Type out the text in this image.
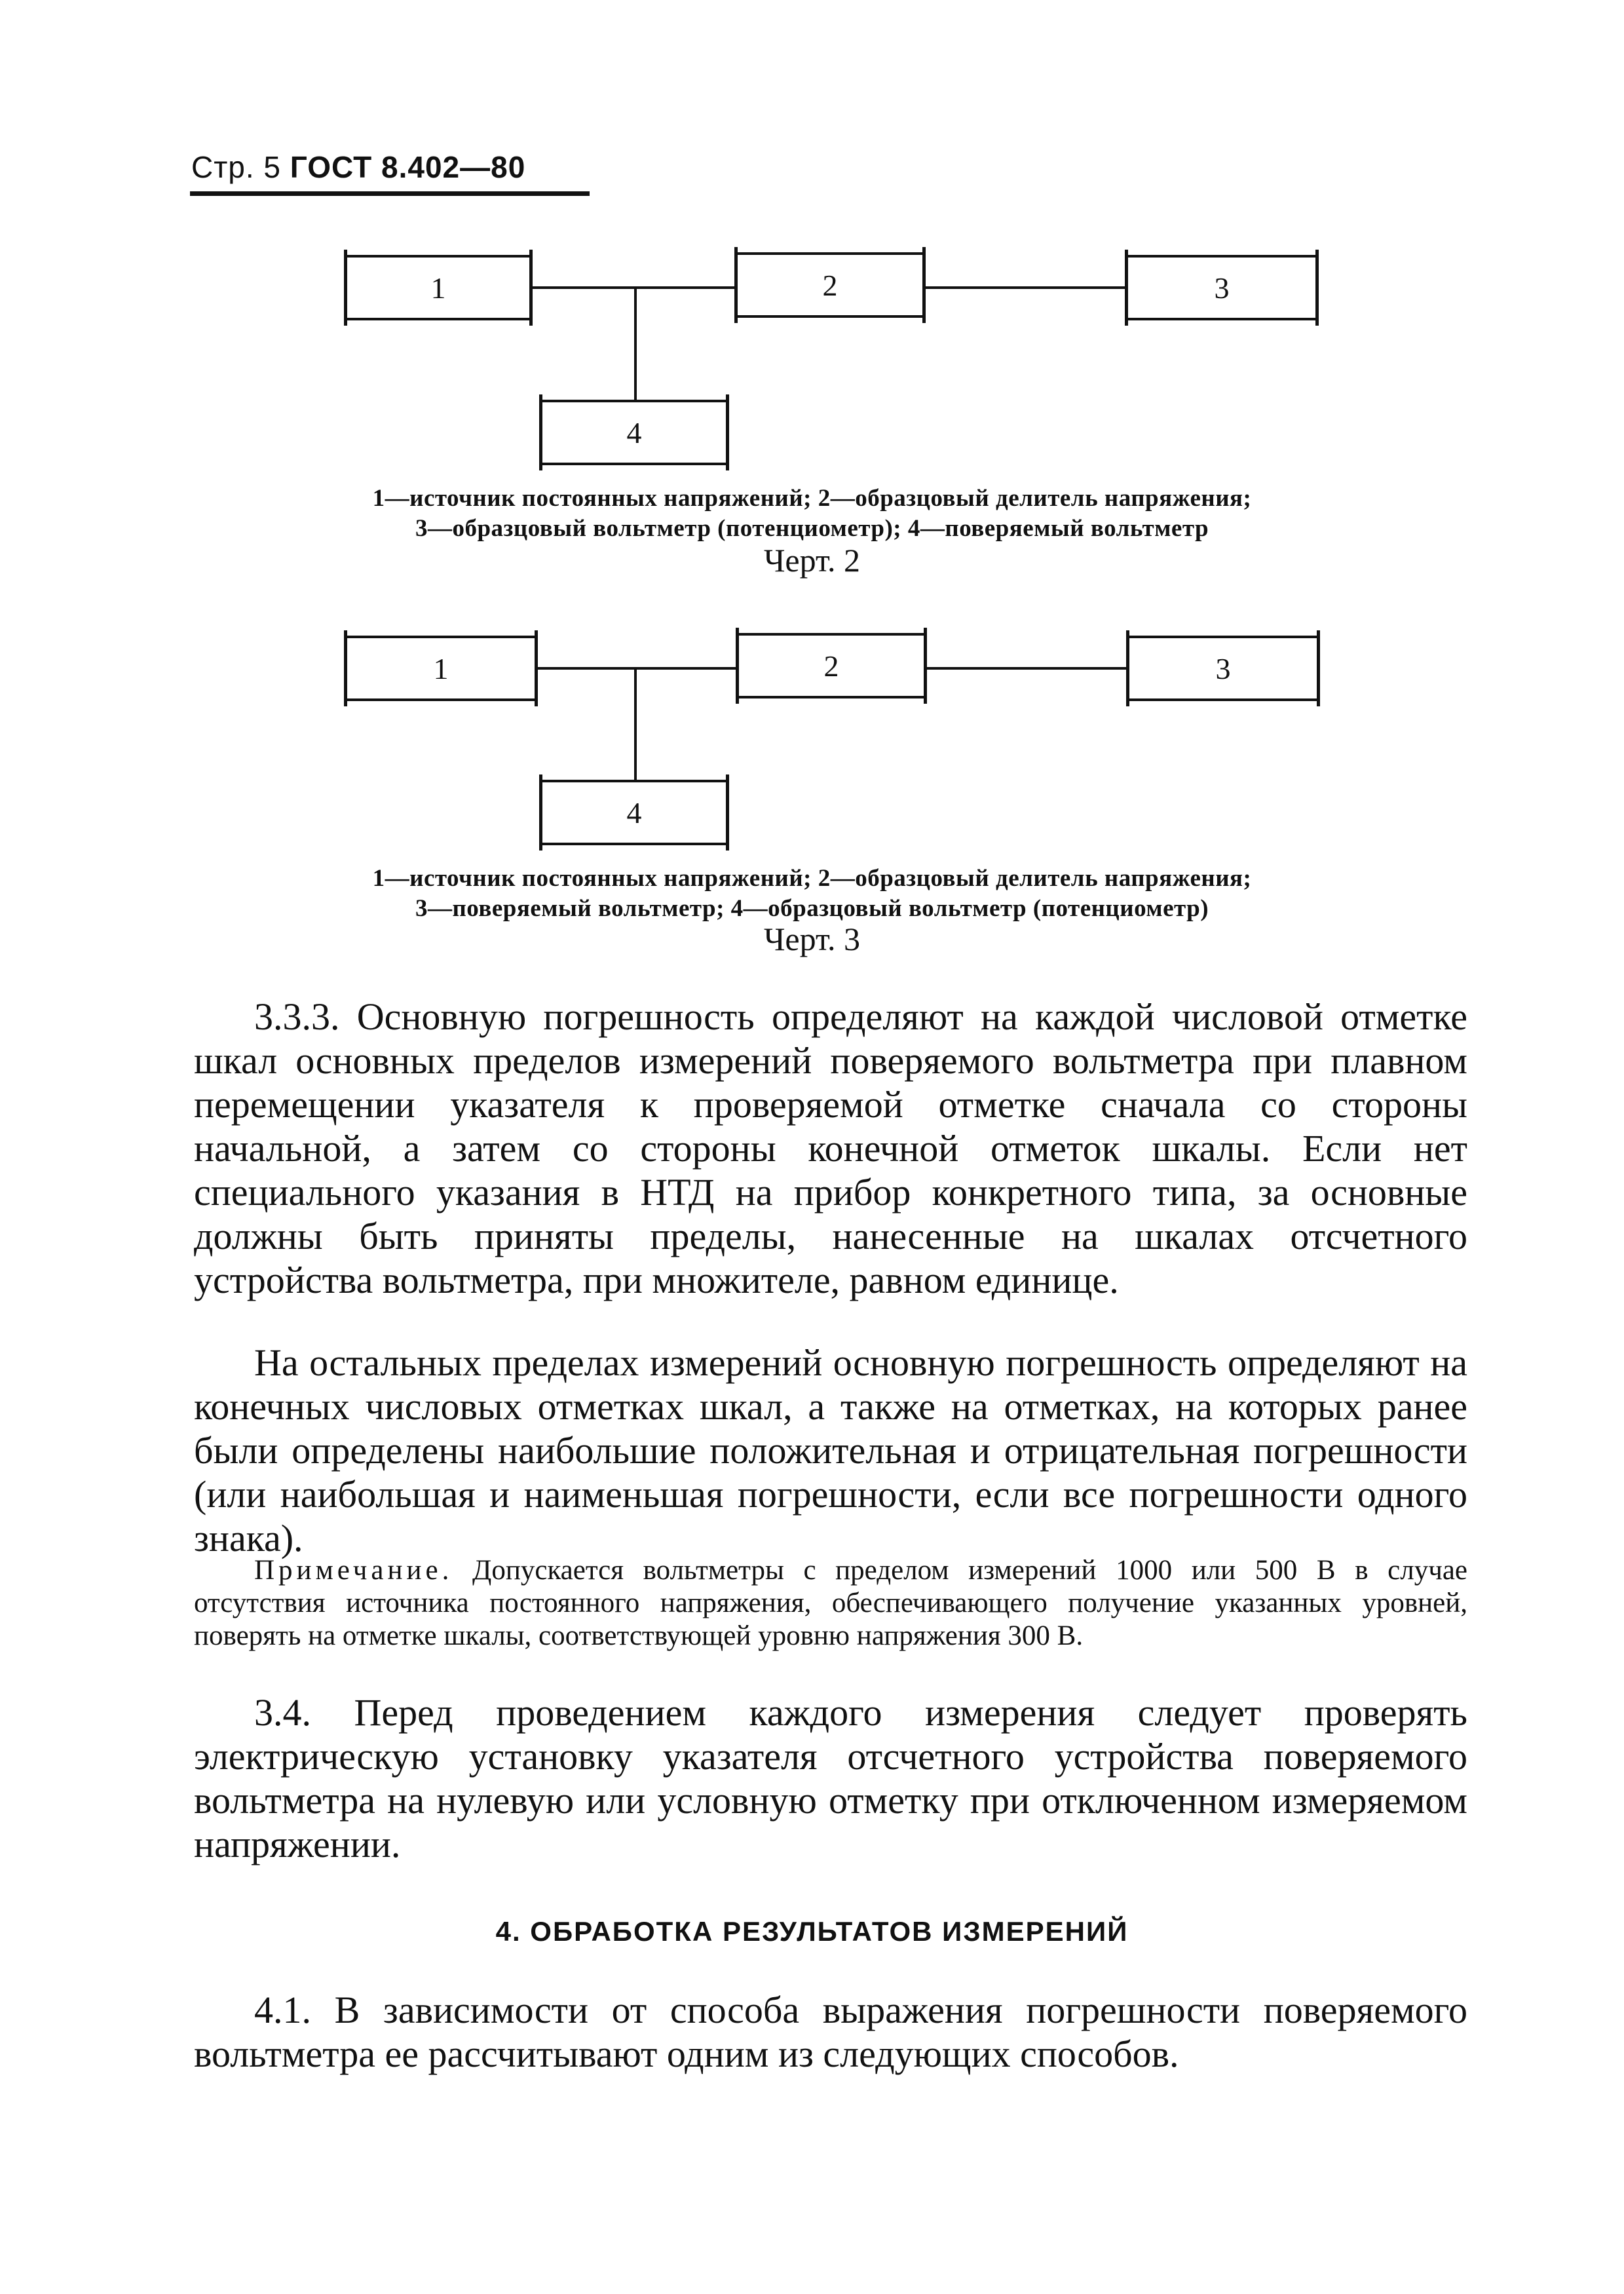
Стр. 5 ГОСТ 8.402—80
1	2	3
4
1—источник постоянных напряжений; 2—образцовый делитель напряжения;
3—образцовый вольтметр (потенциометр); 4—поверяемый вольтметр
Черт. 2
1	2	3
4
1—источник постоянных напряжений; 2—образцовый делитель напряжения;
3—поверяемый вольтметр; 4—образцовый вольтметр (потенциометр)
Черт. 3
3.3.3. Основную погрешность определяют на каждой числовой отметке шкал основных пределов измерений поверяемого вольтметра при плавном перемещении указателя к проверяемой отметке сначала со стороны начальной, а затем со стороны конечной отметок шкалы. Если нет специального указания в НТД на прибор конкретного типа, за основные должны быть приняты пределы, нанесенные на шкалах отсчетного устройства вольтметра, при множителе, равном единице.
На остальных пределах измерений основную погрешность определяют на конечных числовых отметках шкал, а также на отметках, на которых ранее были определены наибольшие положительная и отрицательная погрешности (или наибольшая и наименьшая погрешности, если все погрешности одного знака).
Примечание. Допускается вольтметры с пределом измерений 1000 или 500 В в случае отсутствия источника постоянного напряжения, обеспечивающего получение указанных уровней, поверять на отметке шкалы, соответствующей уровню напряжения 300 В.
3.4. Перед проведением каждого измерения следует проверять электрическую установку указателя отсчетного устройства поверяемого вольтметра на нулевую или условную отметку при отключенном измеряемом напряжении.
4. ОБРАБОТКА РЕЗУЛЬТАТОВ ИЗМЕРЕНИЙ
4.1. В зависимости от способа выражения погрешности поверяемого вольтметра ее рассчитывают одним из следующих способов.
